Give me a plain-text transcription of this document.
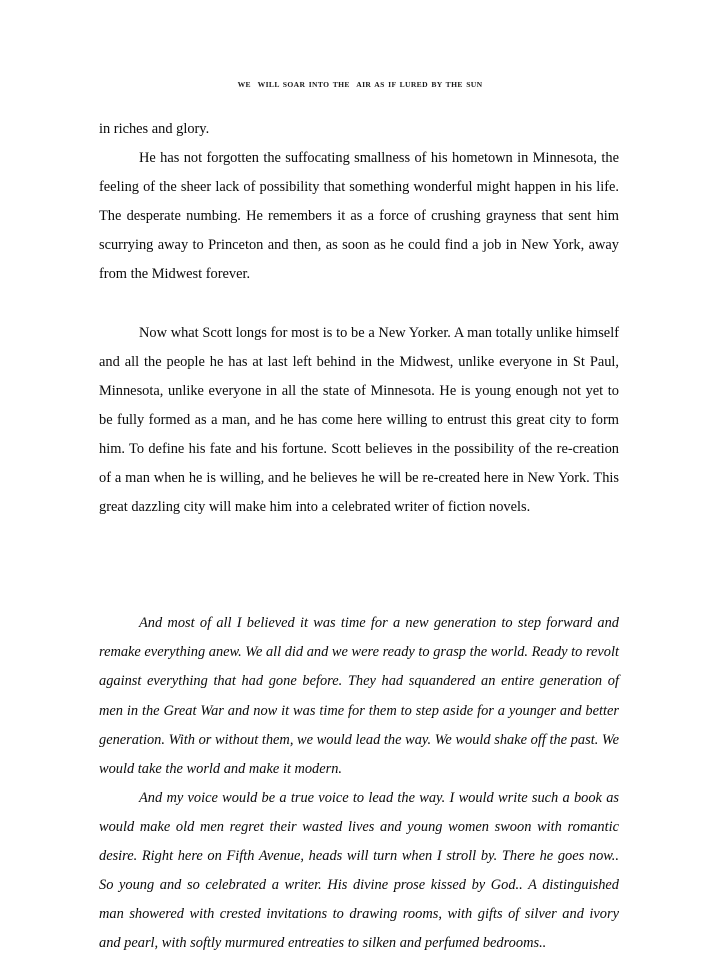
WE  WILL SOAR INTO THE  AIR AS IF LURED BY THE SUN

in riches and glory.

He has not forgotten the suffocating smallness of his hometown in Minnesota, the feeling of the sheer lack of possibility that something wonderful might happen in his life. The desperate numbing. He remembers it as a force of crushing grayness that sent him scurrying away to Princeton and then, as soon as he could find a job in New York, away from the Midwest forever.

Now what Scott longs for most is to be a New Yorker. A man totally unlike himself and all the people he has at last left behind in the Midwest, unlike everyone in St Paul, Minnesota, unlike everyone in all the state of Minnesota. He is young enough not yet to be fully formed as a man, and he has come here willing to entrust this great city to form him. To define his fate and his fortune. Scott believes in the possibility of the re-creation of a man when he is willing, and he believes he will be re-created here in New York. This great dazzling city will make him into a celebrated writer of fiction novels.

And most of all I believed it was time for a new generation to step forward and remake everything anew. We all did and we were ready to grasp the world. Ready to revolt against everything that had gone before. They had squandered an entire generation of men in the Great War and now it was time for them to step aside for a younger and better generation. With or without them, we would lead the way. We would shake off the past. We would take the world and make it modern.

And my voice would be a true voice to lead the way. I would write such a book as would make old men regret their wasted lives and young women swoon with romantic desire. Right here on Fifth Avenue, heads will turn when I stroll by. There he goes now.. So young and so celebrated a writer. His divine prose kissed by God.. A distinguished man showered with crested invitations to drawing rooms, with gifts of silver and ivory and pearl, with softly murmured entreaties to silken and perfumed bedrooms..
